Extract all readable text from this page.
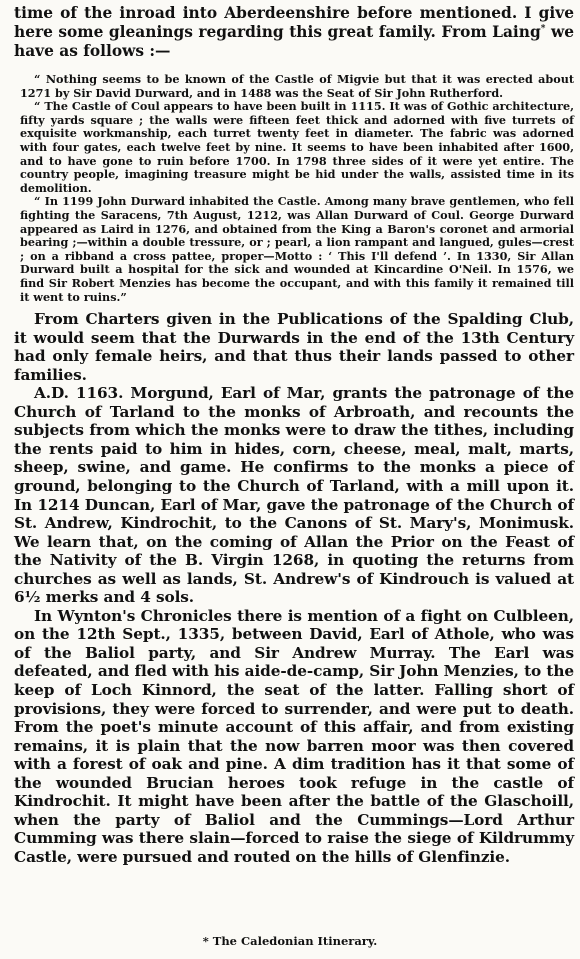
time of the inroad into Aberdeenshire before mentioned. I give here some gleanings regarding this great family. From Laing* we have as follows :—

“ Nothing seems to be known of the Castle of Migvie but that it was erected about 1271 by Sir David Durward, and in 1488 was the Seat of Sir John Rutherford.

“ The Castle of Coul appears to have been built in 1115. It was of Gothic architecture, fifty yards square ; the walls were fifteen feet thick and adorned with five turrets of exquisite workmanship, each turret twenty feet in diameter. The fabric was adorned with four gates, each twelve feet by nine. It seems to have been inhabited after 1600, and to have gone to ruin before 1700. In 1798 three sides of it were yet entire. The country people, imagining treasure might be hid under the walls, assisted time in its demolition.

“ In 1199 John Durward inhabited the Castle. Among many brave gentlemen, who fell fighting the Saracens, 7th August, 1212, was Allan Durward of Coul. George Durward appeared as Laird in 1276, and obtained from the King a Baron's coronet and armorial bearing ;—within a double tressure, or ; pearl, a lion rampant and langued, gules—crest ; on a ribband a cross pattee, proper—Motto : ‘ This I'll defend ’. In 1330, Sir Allan Durward built a hospital for the sick and wounded at Kincardine O'Neil. In 1576, we find Sir Robert Menzies has become the occupant, and with this family it remained till it went to ruins.”

From Charters given in the Publications of the Spalding Club, it would seem that the Durwards in the end of the 13th Century had only female heirs, and that thus their lands passed to other families.

A.D. 1163. Morgund, Earl of Mar, grants the patronage of the Church of Tarland to the monks of Arbroath, and recounts the subjects from which the monks were to draw the tithes, including the rents paid to him in hides, corn, cheese, meal, malt, marts, sheep, swine, and game. He confirms to the monks a piece of ground, belonging to the Church of Tarland, with a mill upon it. In 1214 Duncan, Earl of Mar, gave the patronage of the Church of St. Andrew, Kindrochit, to the Canons of St. Mary's, Monimusk. We learn that, on the coming of Allan the Prior on the Feast of the Nativity of the B. Virgin 1268, in quoting the returns from churches as well as lands, St. Andrew's of Kindrouch is valued at 6½ merks and 4 sols.

In Wynton's Chronicles there is mention of a fight on Culbleen, on the 12th Sept., 1335, between David, Earl of Athole, who was of the Baliol party, and Sir Andrew Murray. The Earl was defeated, and fled with his aide-de-camp, Sir John Menzies, to the keep of Loch Kinnord, the seat of the latter. Falling short of provisions, they were forced to surrender, and were put to death. From the poet's minute account of this affair, and from existing remains, it is plain that the now barren moor was then covered with a forest of oak and pine. A dim tradition has it that some of the wounded Brucian heroes took refuge in the castle of Kindrochit. It might have been after the battle of the Glaschoill, when the party of Baliol and the Cummings—Lord Arthur Cumming was there slain—forced to raise the siege of Kildrummy Castle, were pursued and routed on the hills of Glenfinzie.

* The Caledonian Itinerary.
